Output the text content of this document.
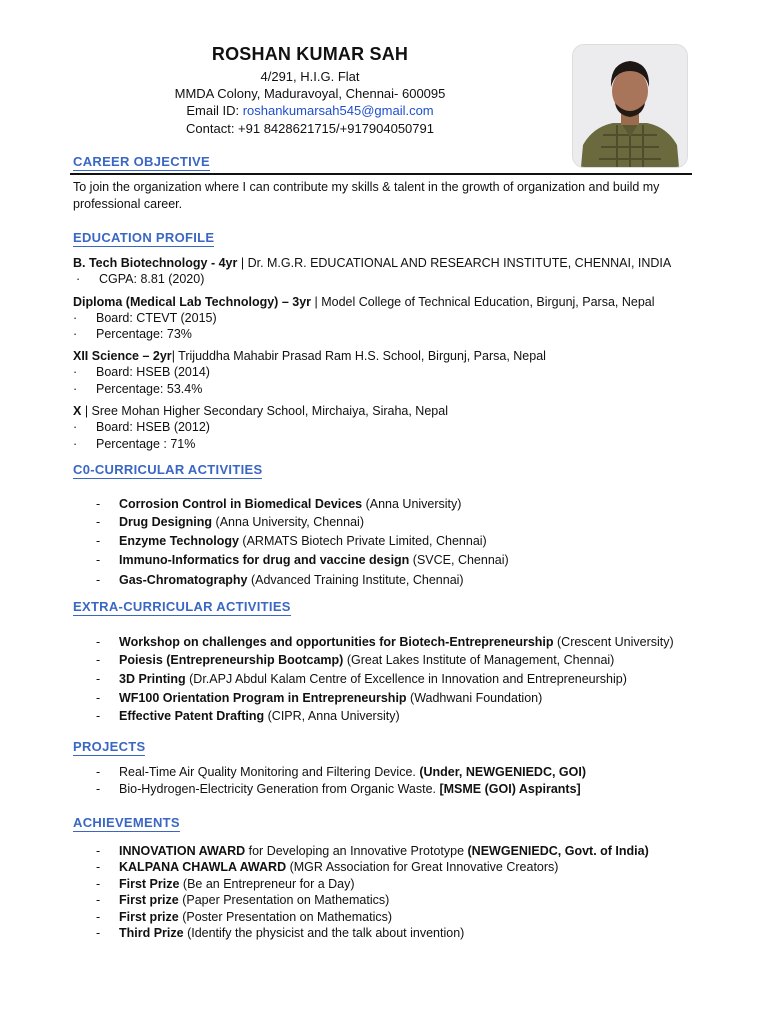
ROSHAN KUMAR SAH
4/291, H.I.G. Flat
MMDA Colony, Maduravoyal, Chennai- 600095
Email ID: roshankumarsah545@gmail.com
Contact: +91 8428621715/+917904050791
CAREER OBJECTIVE
To join the organization where I can contribute my skills & talent in the growth of organization and build my professional career.
EDUCATION PROFILE
B. Tech Biotechnology - 4yr | Dr. M.G.R. EDUCATIONAL AND RESEARCH INSTITUTE, CHENNAI, INDIA
· CGPA: 8.81 (2020)
Diploma (Medical Lab Technology) – 3yr | Model College of Technical Education, Birgunj, Parsa, Nepal
· Board: CTEVT (2015)
· Percentage: 73%
XII Science – 2yr| Trijuddha Mahabir Prasad Ram H.S. School, Birgunj, Parsa, Nepal
· Board: HSEB (2014)
· Percentage: 53.4%
X | Sree Mohan Higher Secondary School, Mirchaiya, Siraha, Nepal
· Board: HSEB (2012)
· Percentage : 71%
C0-CURRICULAR ACTIVITIES
- Corrosion Control in Biomedical Devices (Anna University)
- Drug Designing (Anna University, Chennai)
- Enzyme Technology (ARMATS Biotech Private Limited, Chennai)
- Immuno-Informatics for drug and vaccine design (SVCE, Chennai)
- Gas-Chromatography (Advanced Training Institute, Chennai)
EXTRA-CURRICULAR ACTIVITIES
- Workshop on challenges and opportunities for Biotech-Entrepreneurship (Crescent University)
- Poiesis (Entrepreneurship Bootcamp) (Great Lakes Institute of Management, Chennai)
- 3D Printing (Dr.APJ Abdul Kalam Centre of Excellence in Innovation and Entrepreneurship)
- WF100 Orientation Program in Entrepreneurship (Wadhwani Foundation)
- Effective Patent Drafting (CIPR, Anna University)
PROJECTS
- Real-Time Air Quality Monitoring and Filtering Device. (Under, NEWGENIEDC, GOI)
- Bio-Hydrogen-Electricity Generation from Organic Waste. [MSME (GOI) Aspirants]
ACHIEVEMENTS
- INNOVATION AWARD for Developing an Innovative Prototype (NEWGENIEDC, Govt. of India)
- KALPANA CHAWLA AWARD (MGR Association for Great Innovative Creators)
- First Prize (Be an Entrepreneur for a Day)
- First prize (Paper Presentation on Mathematics)
- First prize (Poster Presentation on Mathematics)
- Third Prize (Identify the physicist and the talk about invention)
